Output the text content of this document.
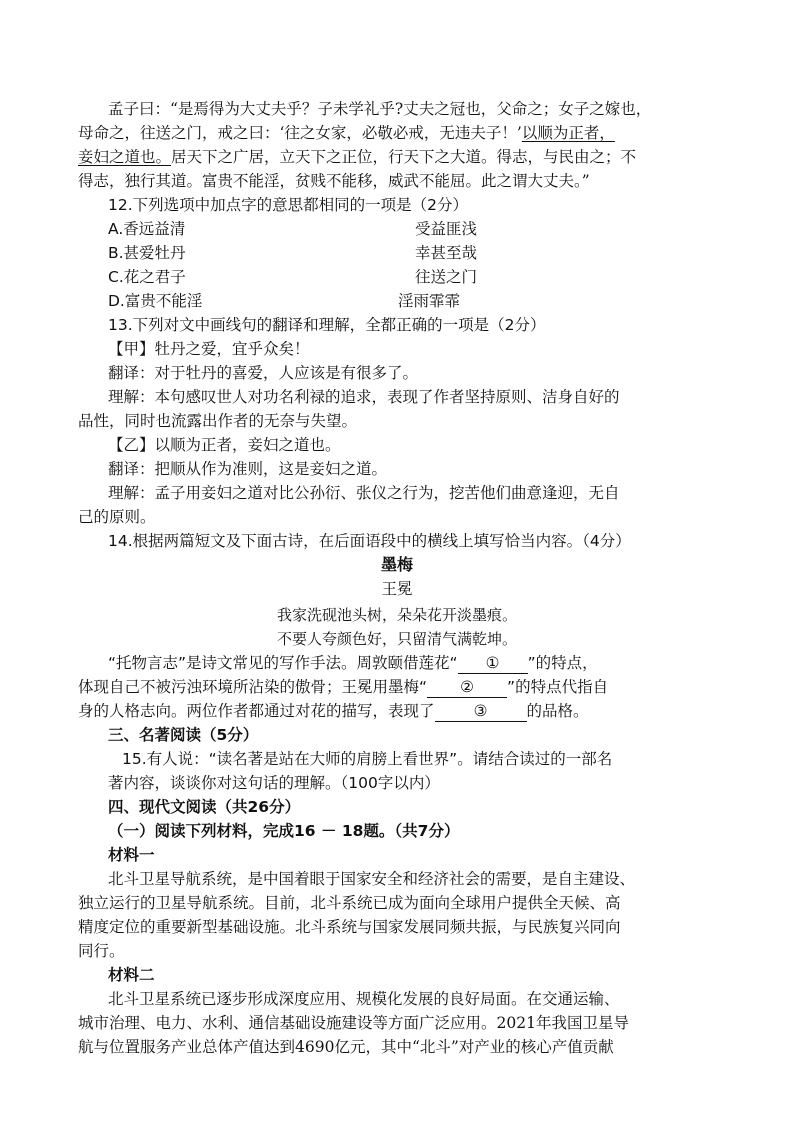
孟子曰：“是焉得为大丈夫乎？子未学礼乎?丈夫之冠也，父命之；女子之嫁也，
母命之，往送之门，戒之曰：‘往之女家，必敬必戒，无违夫子！’以顺为正者，
妾妇之道也。居天下之广居，立天下之正位，行天下之大道。得志，与民由之；不
得志，独行其道。富贵不能淫，贫贱不能移，威武不能屈。此之谓大丈夫。”
12.下列选项中加点字的意思都相同的一项是（2分）
A.香远益清	受益匪浅
B.甚爱牡丹	幸甚至哉
C.花之君子	往送之门
D.富贵不能淫	淫雨霏霏
13.下列对文中画线句的翻译和理解，全都正确的一项是（2分）
【甲】牡丹之爱，宜乎众矣！
翻译：对于牡丹的喜爱，人应该是有很多了。
理解：本句感叹世人对功名利禄的追求，表现了作者坚持原则、洁身自好的
品性，同时也流露出作者的无奈与失望。
【乙】以顺为正者，妾妇之道也。
翻译：把顺从作为准则，这是妾妇之道。
理解：孟子用妾妇之道对比公孙衍、张仪之行为，挖苦他们曲意逢迎，无自
己的原则。
14.根据两篇短文及下面古诗，在后面语段中的横线上填写恰当内容。（4分）
墨梅
王冕
我家洗砚池头树，朵朵花开淡墨痕。
不要人夸颜色好，只留清气满乾坤。
“托物言志”是诗文常见的写作手法。周敦颐借莲花“ ① ”的特点，
体现自己不被污浊环境所沾染的傲骨；王冕用墨梅“ ② ”的特点代指自
身的人格志向。两位作者都通过对花的描写，表现了	③	的品格。
三、名著阅读（5分）
15.有人说：“读名著是站在大师的肩膀上看世界”。请结合读过的一部名
著内容，谈谈你对这句话的理解。（100字以内）
四、现代文阅读（共26分）
（一）阅读下列材料，完成16 － 18题。（共7分）
材料一
北斗卫星导航系统，是中国着眼于国家安全和经济社会的需要，是自主建设、
独立运行的卫星导航系统。目前，北斗系统已成为面向全球用户提供全天候、高
精度定位的重要新型基础设施。北斗系统与国家发展同频共振，与民族复兴同向
同行。
材料二
北斗卫星系统已逐步形成深度应用、规模化发展的良好局面。在交通运输、
城市治理、电力、水利、通信基础设施建设等方面广泛应用。2021年我国卫星导
航与位置服务产业总体产值达到4690亿元，其中“北斗”对产业的核心产值贡献
